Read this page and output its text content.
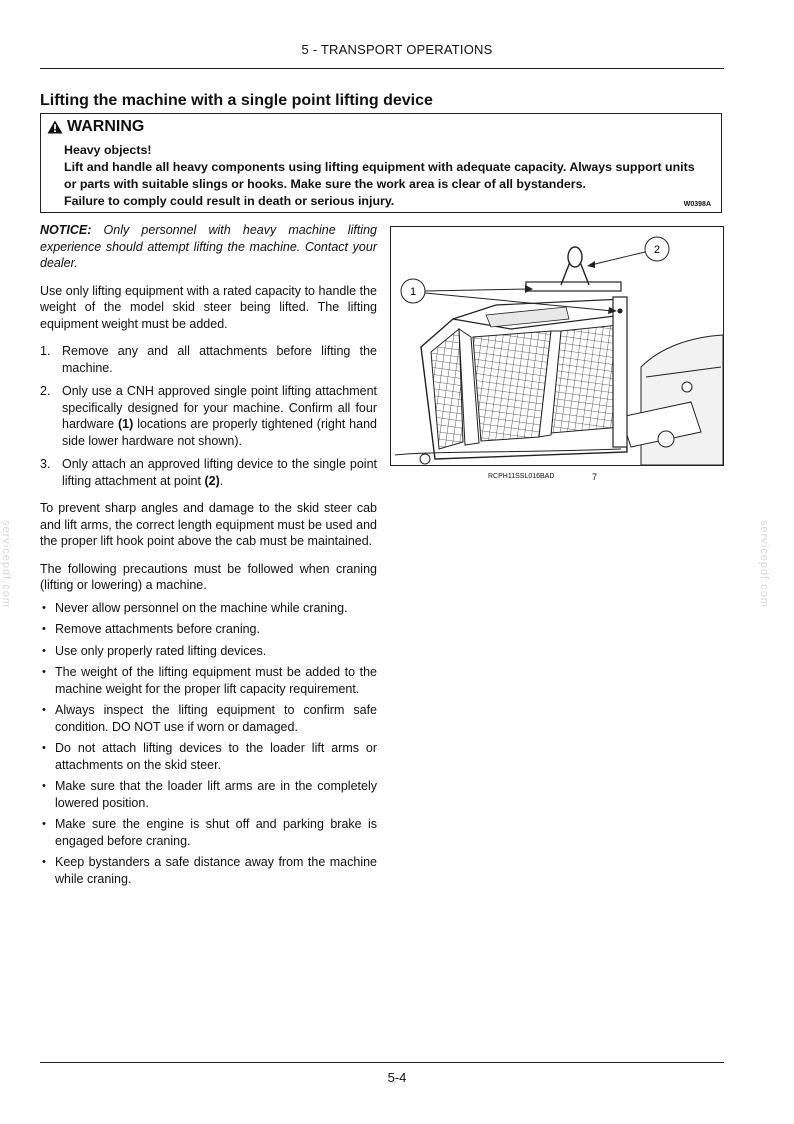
5 - TRANSPORT OPERATIONS
Lifting the machine with a single point lifting device
WARNING
Heavy objects!
Lift and handle all heavy components using lifting equipment with adequate capacity. Always support units or parts with suitable slings or hooks. Make sure the work area is clear of all bystanders.
Failure to comply could result in death or serious injury.	W0398A

NOTICE: Only personnel with heavy machine lifting experience should attempt lifting the machine. Contact your dealer.

Use only lifting equipment with a rated capacity to handle the weight of the model skid steer being lifted. The lifting equipment weight must be added.

1. Remove any and all attachments before lifting the machine.
2. Only use a CNH approved single point lifting attachment specifically designed for your machine. Confirm all four hardware (1) locations are properly tightened (right hand side lower hardware not shown).
3. Only attach an approved lifting device to the single point lifting attachment at point (2).

To prevent sharp angles and damage to the skid steer cab and lift arms, the correct length equipment must be used and the proper lift hook point above the cab must be maintained.

The following precautions must be followed when craning (lifting or lowering) a machine.

• Never allow personnel on the machine while craning.
• Remove attachments before craning.
• Use only properly rated lifting devices.
• The weight of the lifting equipment must be added to the machine weight for the proper lift capacity requirement.
• Always inspect the lifting equipment to confirm safe condition. DO NOT use if worn or damaged.
• Do not attach lifting devices to the loader lift arms or attachments on the skid steer.
• Make sure that the loader lift arms are in the completely lowered position.
• Make sure the engine is shut off and parking brake is engaged before craning.
• Keep bystanders a safe distance away from the machine while craning.
2
1
RCPH11SSL016BAD	7
servicepdf.com	servicepdf.com
5-4
